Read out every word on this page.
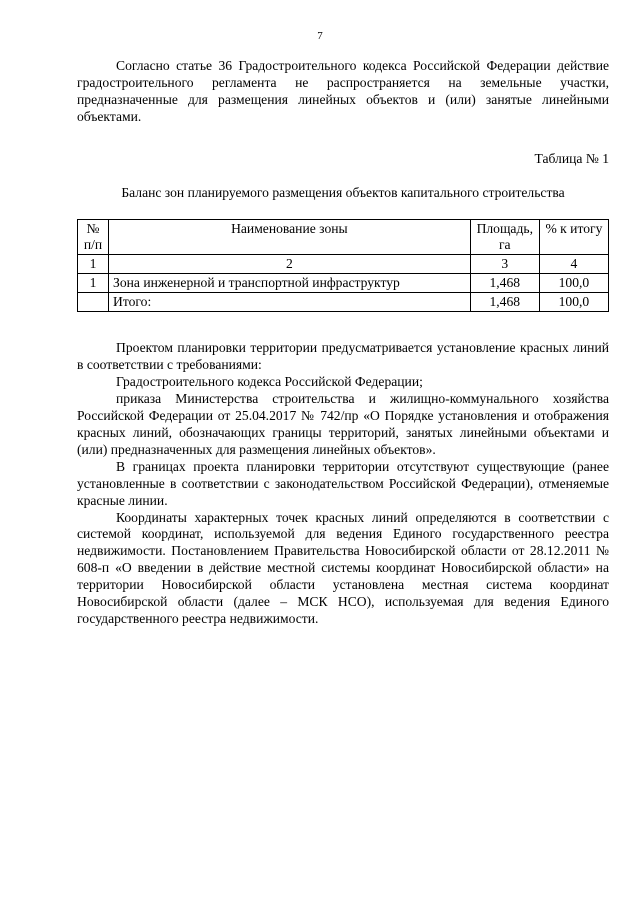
7

Согласно статье 36 Градостроительного кодекса Российской Федерации действие градостроительного регламента не распространяется на земельные участки, предназначенные для размещения линейных объектов и (или) занятые линейными объектами.

Таблица № 1

Баланс зон планируемого размещения объектов капитального строительства

№ п/п	Наименование зоны	Площадь, га	% к итогу
1	2	3	4
1	Зона инженерной и транспортной инфраструктур	1,468	100,0
	Итого:	1,468	100,0

Проектом планировки территории предусматривается установление красных линий в соответствии с требованиями:

Градостроительного кодекса Российской Федерации;

приказа Министерства строительства и жилищно-коммунального хозяйства Российской Федерации от 25.04.2017 № 742/пр «О Порядке установления и отображения красных линий, обозначающих границы территорий, занятых линейными объектами и (или) предназначенных для размещения линейных объектов».

В границах проекта планировки территории отсутствуют существующие (ранее установленные в соответствии с законодательством Российской Федерации), отменяемые красные линии.

Координаты характерных точек красных линий определяются в соответствии с системой координат, используемой для ведения Единого государственного реестра недвижимости. Постановлением Правительства Новосибирской области от 28.12.2011 № 608-п «О введении в действие местной системы координат Новосибирской области» на территории Новосибирской области установлена местная система координат Новосибирской области (далее – МСК НСО), используемая для ведения Единого государственного реестра недвижимости.
